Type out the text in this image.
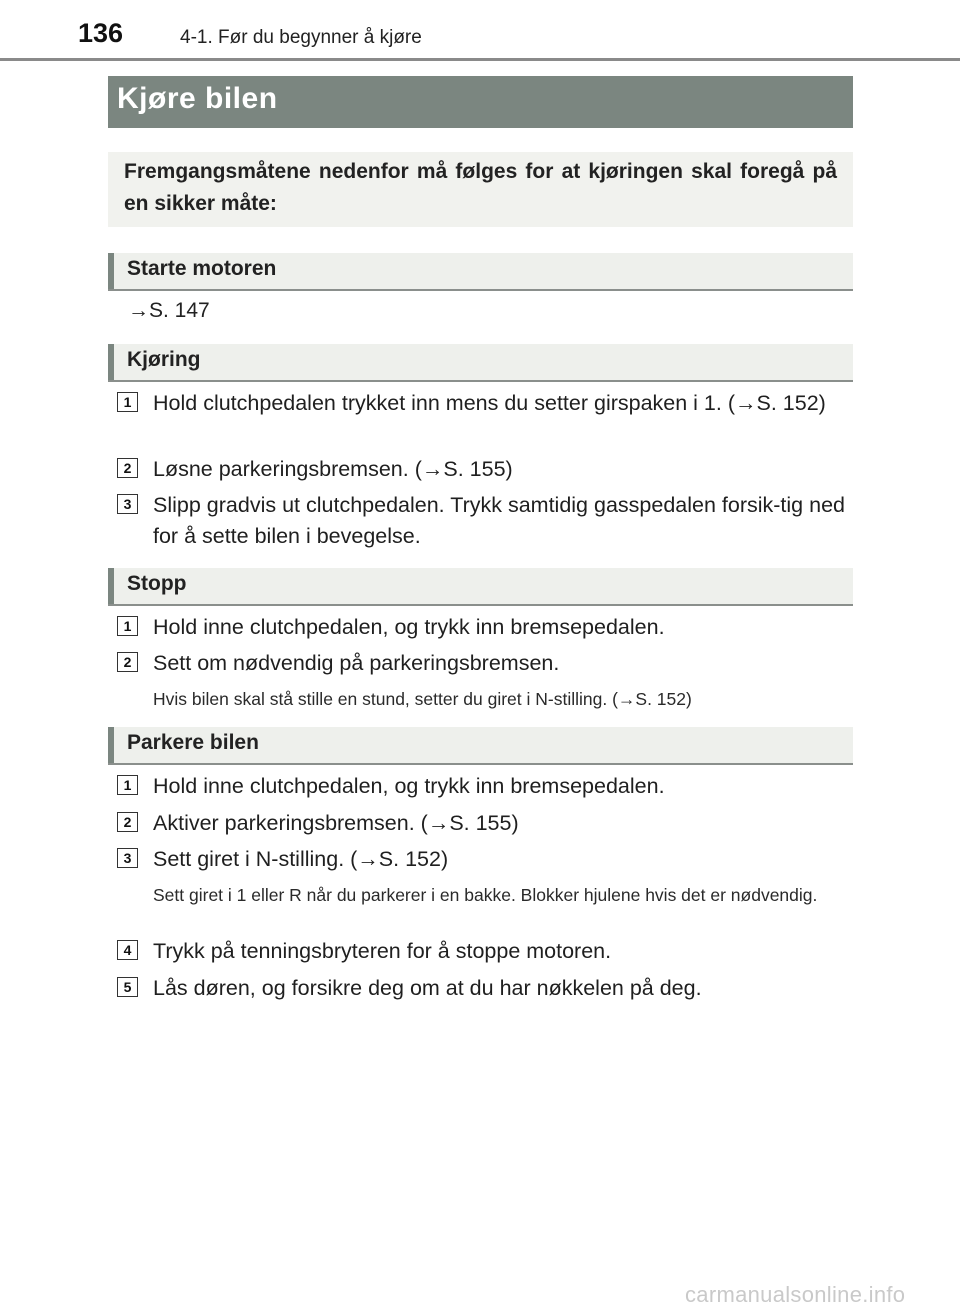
136	4-1. Før du begynner å kjøre
Kjøre bilen
Fremgangsmåtene nedenfor må følges for at kjøringen skal foregå på en sikker måte:
Starte motoren
→S. 147
Kjøring
1	Hold clutchpedalen trykket inn mens du setter girspaken i 1. (→S. 152)
2	Løsne parkeringsbremsen. (→S. 155)
3	Slipp gradvis ut clutchpedalen. Trykk samtidig gasspedalen forsik-tig ned for å sette bilen i bevegelse.
Stopp
1	Hold inne clutchpedalen, og trykk inn bremsepedalen.
2	Sett om nødvendig på parkeringsbremsen.
Hvis bilen skal stå stille en stund, setter du giret i N-stilling. (→S. 152)
Parkere bilen
1	Hold inne clutchpedalen, og trykk inn bremsepedalen.
2	Aktiver parkeringsbremsen. (→S. 155)
3	Sett giret i N-stilling. (→S. 152)
Sett giret i 1 eller R når du parkerer i en bakke. Blokker hjulene hvis det er nødvendig.
4	Trykk på tenningsbryteren for å stoppe motoren.
5	Lås døren, og forsikre deg om at du har nøkkelen på deg.
carmanualsonline.info
